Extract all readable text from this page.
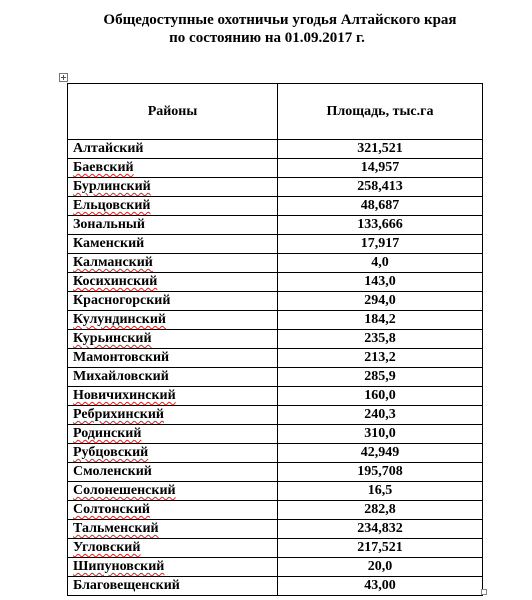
Общедоступные охотничьи угодья Алтайского края
по состоянию на 01.09.2017 г.
Районы	Площадь, тыс.га
Алтайский	321,521
Баевский	14,957
Бурлинский	258,413
Ельцовский	48,687
Зональный	133,666
Каменский	17,917
Калманский	4,0
Косихинский	143,0
Красногорский	294,0
Кулундинский	184,2
Курьинский	235,8
Мамонтовский	213,2
Михайловский	285,9
Новичихинский	160,0
Ребрихинский	240,3
Родинский	310,0
Рубцовский	42,949
Смоленский	195,708
Солонешенский	16,5
Солтонский	282,8
Тальменский	234,832
Угловский	217,521
Шипуновский	20,0
Благовещенский	43,00
